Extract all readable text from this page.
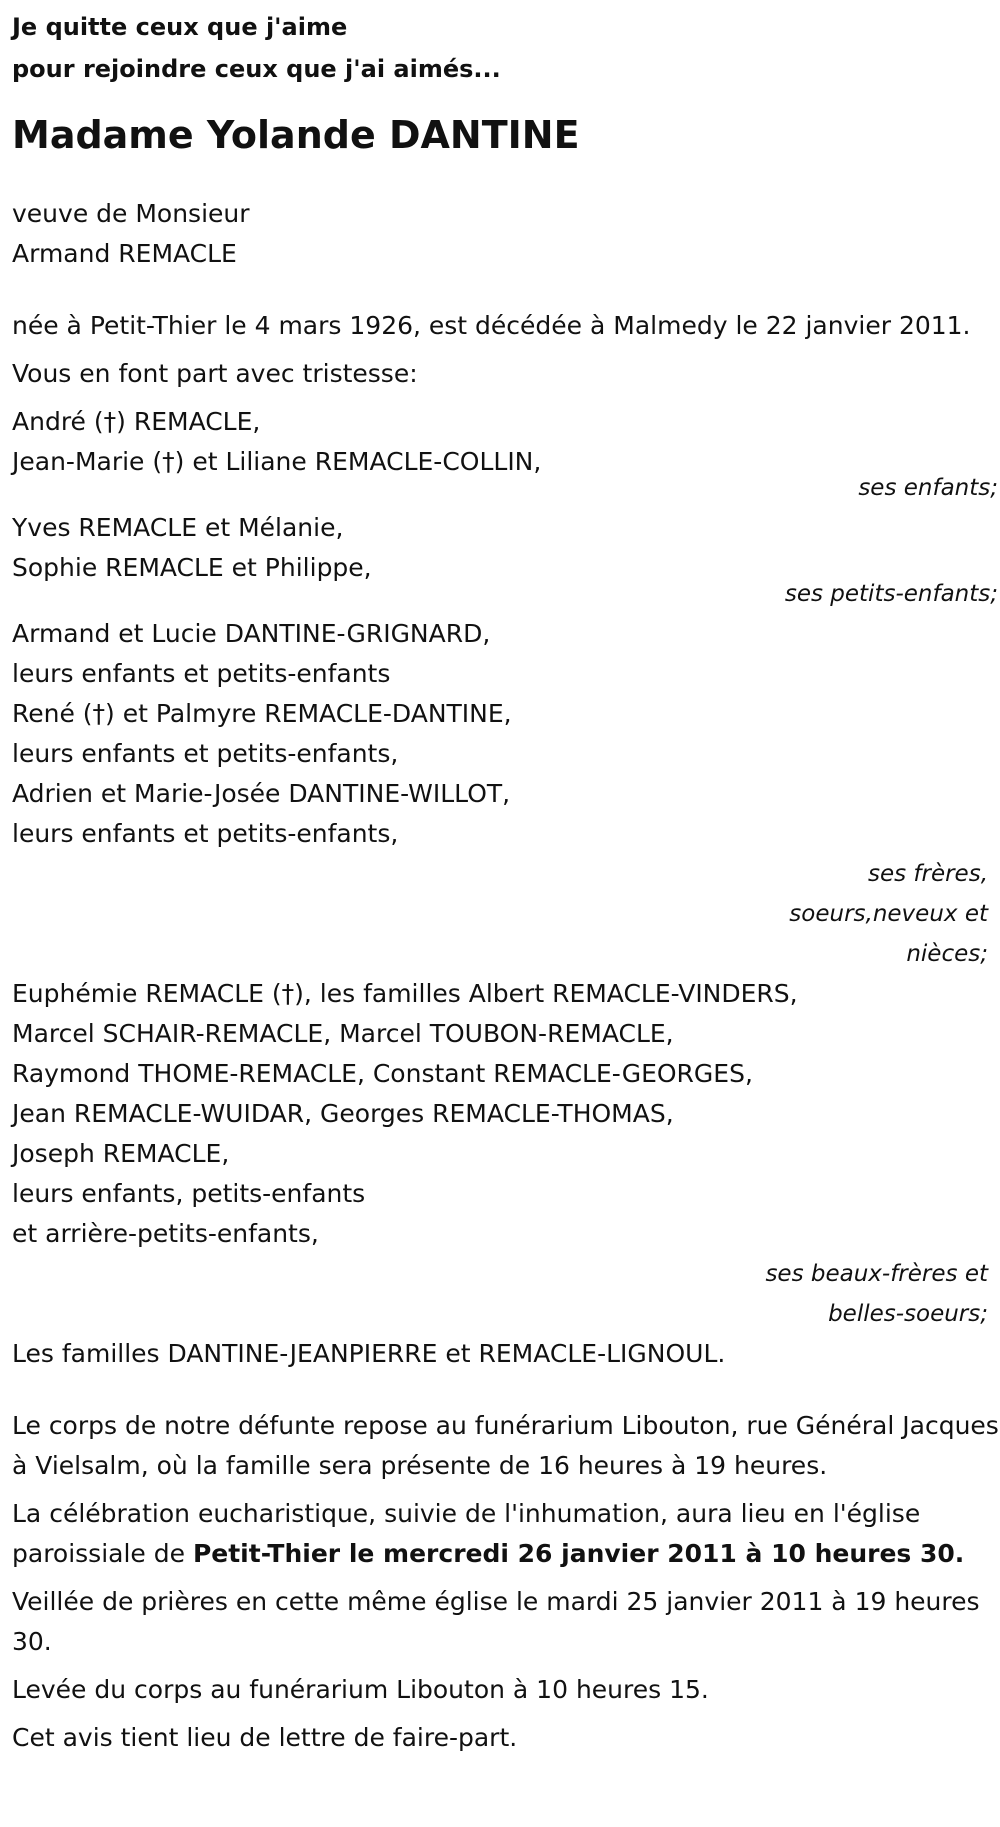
Je quitte ceux que j'aime
pour rejoindre ceux que j'ai aimés...
Madame Yolande DANTINE
veuve de Monsieur
Armand REMACLE
née à Petit-Thier le 4 mars 1926, est décédée à Malmedy le 22 janvier 2011.
Vous en font part avec tristesse:
André (†) REMACLE,
Jean-Marie (†) et Liliane REMACLE-COLLIN,
ses enfants;
Yves REMACLE et Mélanie,
Sophie REMACLE et Philippe,
ses petits-enfants;
Armand et Lucie DANTINE-GRIGNARD,
leurs enfants et petits-enfants
René (†) et Palmyre REMACLE-DANTINE,
leurs enfants et petits-enfants,
Adrien et Marie-Josée DANTINE-WILLOT,
leurs enfants et petits-enfants,
ses frères,
soeurs,neveux et
nièces;
Euphémie REMACLE (†), les familles Albert REMACLE-VINDERS,
Marcel SCHAIR-REMACLE, Marcel TOUBON-REMACLE,
Raymond THOME-REMACLE, Constant REMACLE-GEORGES,
Jean REMACLE-WUIDAR, Georges REMACLE-THOMAS,
Joseph REMACLE,
leurs enfants, petits-enfants
et arrière-petits-enfants,
ses beaux-frères et
belles-soeurs;
Les familles DANTINE-JEANPIERRE et REMACLE-LIGNOUL.
Le corps de notre défunte repose au funérarium Libouton, rue Général Jacques à Vielsalm, où la famille sera présente de 16 heures à 19 heures.
La célébration eucharistique, suivie de l'inhumation, aura lieu en l'église paroissiale de Petit-Thier le mercredi 26 janvier 2011 à 10 heures 30.
Veillée de prières en cette même église le mardi 25 janvier 2011 à 19 heures 30.
Levée du corps au funérarium Libouton à 10 heures 15.
Cet avis tient lieu de lettre de faire-part.
